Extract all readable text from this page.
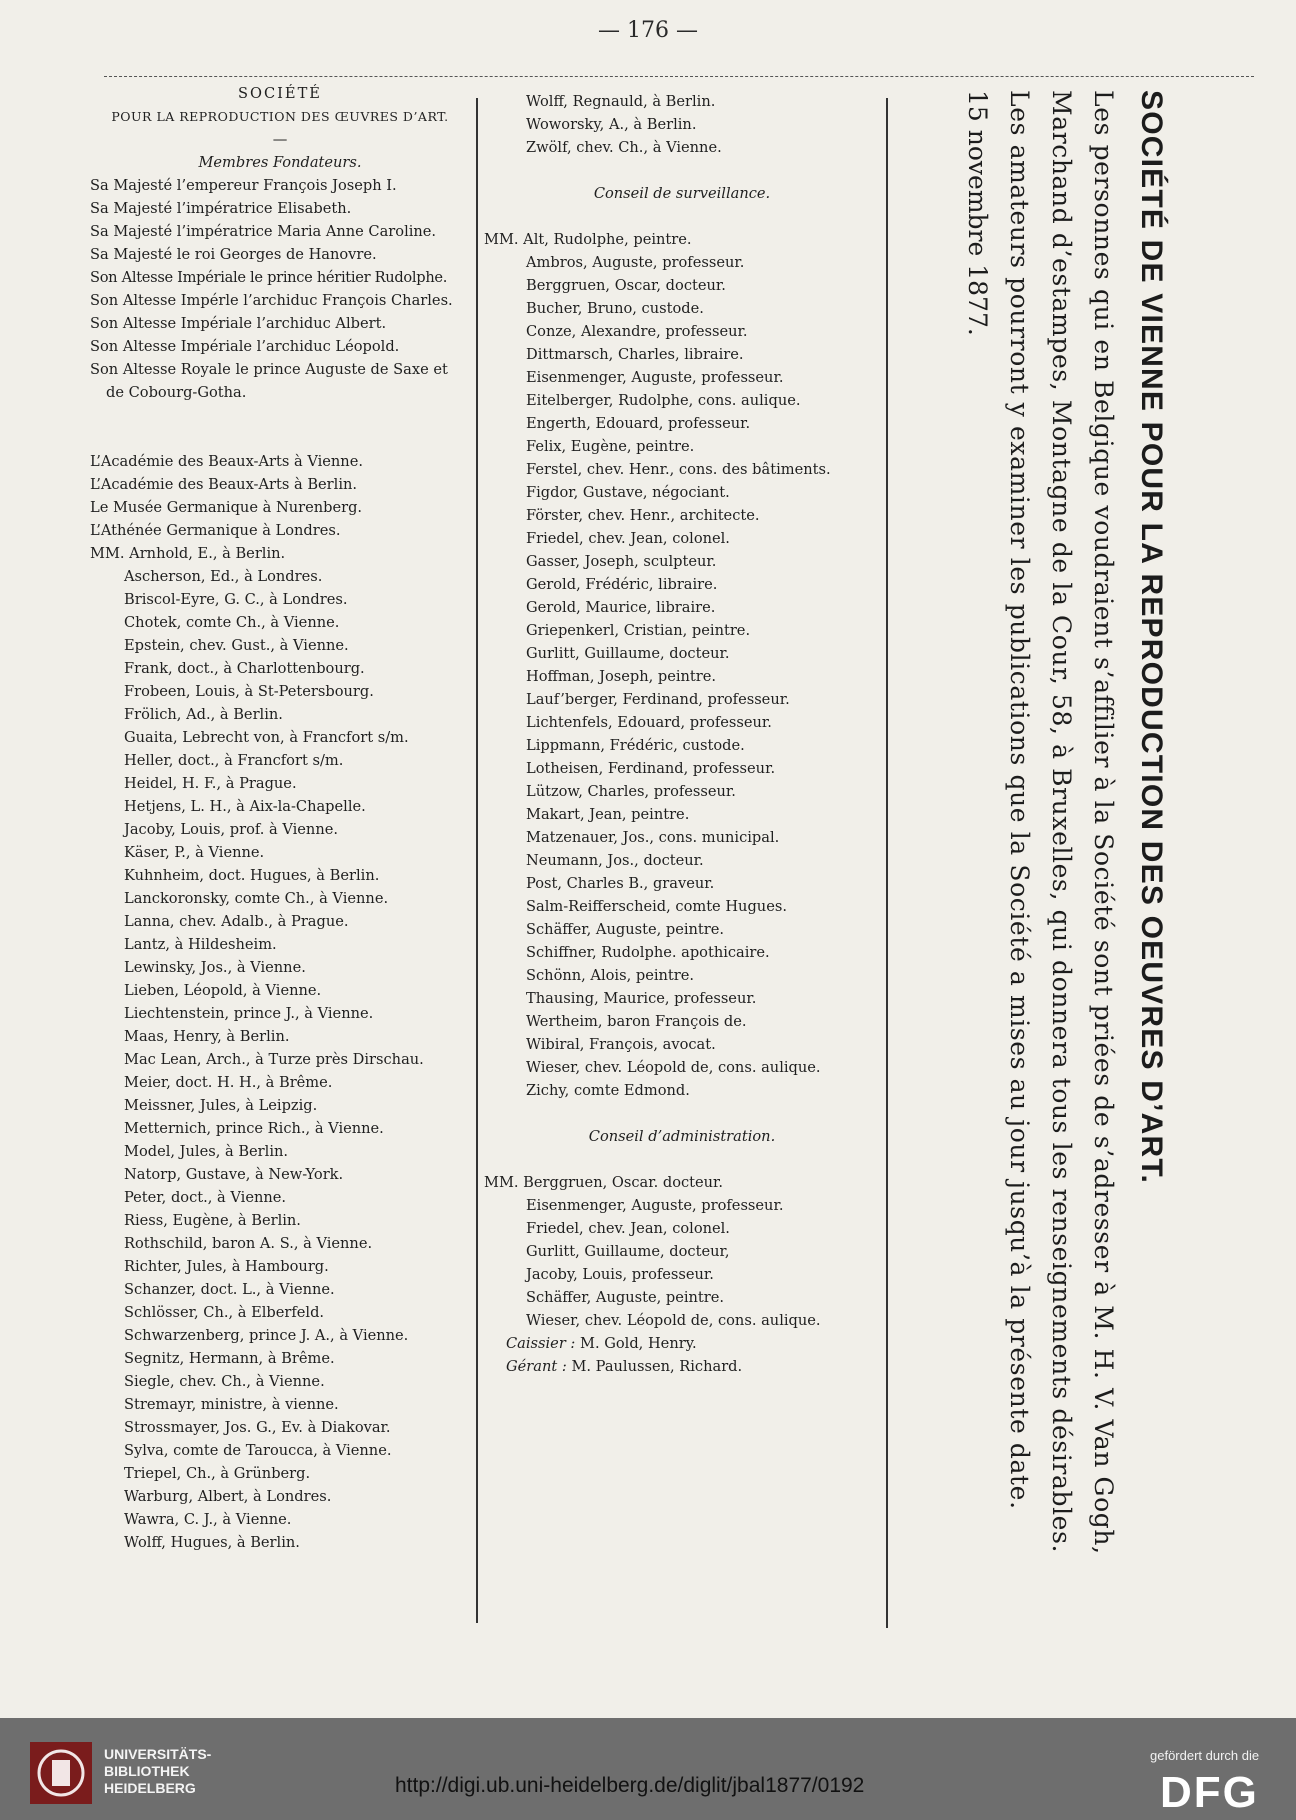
— 176 —
SOCIÉTÉ
POUR LA REPRODUCTION DES ŒUVRES D’ART.
—
Membres Fondateurs.
Sa Majesté l’empereur François Joseph I.
Sa Majesté l’impératrice Elisabeth.
Sa Majesté l’impératrice Maria Anne Caroline.
Sa Majesté le roi Georges de Hanovre.
Son Altesse Impériale le prince héritier Rudolphe.
Son Altesse Impérle l’archiduc François Charles.
Son Altesse Impériale l’archiduc Albert.
Son Altesse Impériale l’archiduc Léopold.
Son Altesse Royale le prince Auguste de Saxe et
de Cobourg-Gotha.
L’Académie des Beaux-Arts à Vienne.
L’Académie des Beaux-Arts à Berlin.
Le Musée Germanique à Nurenberg.
L’Athénée Germanique à Londres.
MM. Arnhold, E., à Berlin.
Ascherson, Ed., à Londres.
Briscol-Eyre, G. C., à Londres.
Chotek, comte Ch., à Vienne.
Epstein, chev. Gust., à Vienne.
Frank, doct., à Charlottenbourg.
Frobeen, Louis, à St-Petersbourg.
Frölich, Ad., à Berlin.
Guaita, Lebrecht von, à Francfort s/m.
Heller, doct., à Francfort s/m.
Heidel, H. F., à Prague.
Hetjens, L. H., à Aix-la-Chapelle.
Jacoby, Louis, prof. à Vienne.
Käser, P., à Vienne.
Kuhnheim, doct. Hugues, à Berlin.
Lanckoronsky, comte Ch., à Vienne.
Lanna, chev. Adalb., à Prague.
Lantz, à Hildesheim.
Lewinsky, Jos., à Vienne.
Lieben, Léopold, à Vienne.
Liechtenstein, prince J., à Vienne.
Maas, Henry, à Berlin.
Mac Lean, Arch., à Turze près Dirschau.
Meier, doct. H. H., à Brême.
Meissner, Jules, à Leipzig.
Metternich, prince Rich., à Vienne.
Model, Jules, à Berlin.
Natorp, Gustave, à New-York.
Peter, doct., à Vienne.
Riess, Eugène, à Berlin.
Rothschild, baron A. S., à Vienne.
Richter, Jules, à Hambourg.
Schanzer, doct. L., à Vienne.
Schlösser, Ch., à Elberfeld.
Schwarzenberg, prince J. A., à Vienne.
Segnitz, Hermann, à Brême.
Siegle, chev. Ch., à Vienne.
Stremayr, ministre, à vienne.
Strossmayer, Jos. G., Ev. à Diakovar.
Sylva, comte de Taroucca, à Vienne.
Triepel, Ch., à Grünberg.
Warburg, Albert, à Londres.
Wawra, C. J., à Vienne.
Wolff, Hugues, à Berlin.
Wolff, Regnauld, à Berlin.
Woworsky, A., à Berlin.
Zwölf, chev. Ch., à Vienne.
Conseil de surveillance.
MM. Alt, Rudolphe, peintre.
Ambros, Auguste, professeur.
Berggruen, Oscar, docteur.
Bucher, Bruno, custode.
Conze, Alexandre, professeur.
Dittmarsch, Charles, libraire.
Eisenmenger, Auguste, professeur.
Eitelberger, Rudolphe, cons. aulique.
Engerth, Edouard, professeur.
Felix, Eugène, peintre.
Ferstel, chev. Henr., cons. des bâtiments.
Figdor, Gustave, négociant.
Förster, chev. Henr., architecte.
Friedel, chev. Jean, colonel.
Gasser, Joseph, sculpteur.
Gerold, Frédéric, libraire.
Gerold, Maurice, libraire.
Griepenkerl, Cristian, peintre.
Gurlitt, Guillaume, docteur.
Hoffman, Joseph, peintre.
Lauf’berger, Ferdinand, professeur.
Lichtenfels, Edouard, professeur.
Lippmann, Frédéric, custode.
Lotheisen, Ferdinand, professeur.
Lützow, Charles, professeur.
Makart, Jean, peintre.
Matzenauer, Jos., cons. municipal.
Neumann, Jos., docteur.
Post, Charles B., graveur.
Salm-Reifferscheid, comte Hugues.
Schäffer, Auguste, peintre.
Schiffner, Rudolphe. apothicaire.
Schönn, Alois, peintre.
Thausing, Maurice, professeur.
Wertheim, baron François de.
Wibiral, François, avocat.
Wieser, chev. Léopold de, cons. aulique.
Zichy, comte Edmond.
Conseil d’administration.
MM. Berggruen, Oscar. docteur.
Eisenmenger, Auguste, professeur.
Friedel, chev. Jean, colonel.
Gurlitt, Guillaume, docteur,
Jacoby, Louis, professeur.
Schäffer, Auguste, peintre.
Wieser, chev. Léopold de, cons. aulique.
Caissier : M. Gold, Henry.
Gérant : M. Paulussen, Richard.
SOCIÉTÉ DE VIENNE POUR LA REPRODUCTION DES OEUVRES D’ART.
Les personnes qui en Belgique voudraient s’affilier à la Société sont priées de s’adresser à M. H. V. Van Gogh,
Marchand d’estampes, Montagne de la Cour, 58, à Bruxelles, qui donnera tous les renseignements désirables.
Les amateurs pourront y examiner les publications que la Société a mises au jour jusqu’à la présente date.
15 novembre 1877.
UNIVERSITÄTS-
BIBLIOTHEK
HEIDELBERG	http://digi.ub.uni-heidelberg.de/diglit/jbal1877/0192
gefördert durch die
DFG
